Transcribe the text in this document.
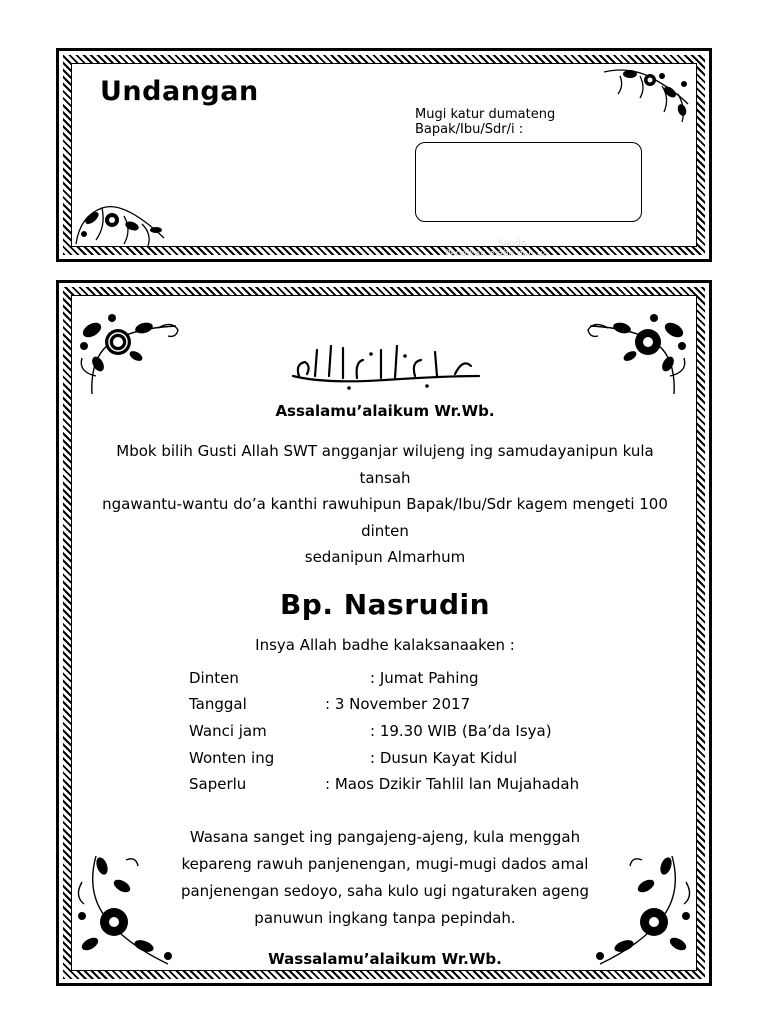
Undangan
Mugi katur dumateng
Bapak/Ibu/Sdr/i :
Saudn
Pendikan maha dan ua
بسم الله الرحمن الرحيم
Assalamu’alaikum Wr.Wb.
Mbok bilih Gusti Allah SWT angganjar wilujeng ing samudayanipun kula
tansah
ngawantu-wantu do’a kanthi rawuhipun Bapak/Ibu/Sdr kagem mengeti 100
dinten
sedanipun Almarhum
Bp. Nasrudin
Insya Allah badhe kalaksanaaken :
Dinten	: Jumat Pahing
Tanggal	: 3 November 2017
Wanci jam	: 19.30 WIB (Ba’da Isya)
Wonten ing	: Dusun Kayat Kidul
Saperlu	: Maos Dzikir Tahlil lan Mujahadah
Wasana sanget ing pangajeng-ajeng, kula menggah
kepareng rawuh panjenengan, mugi-mugi dados amal
panjenengan sedoyo, saha kulo ugi ngaturaken ageng
panuwun ingkang tanpa pepindah.
Wassalamu’alaikum Wr.Wb.
